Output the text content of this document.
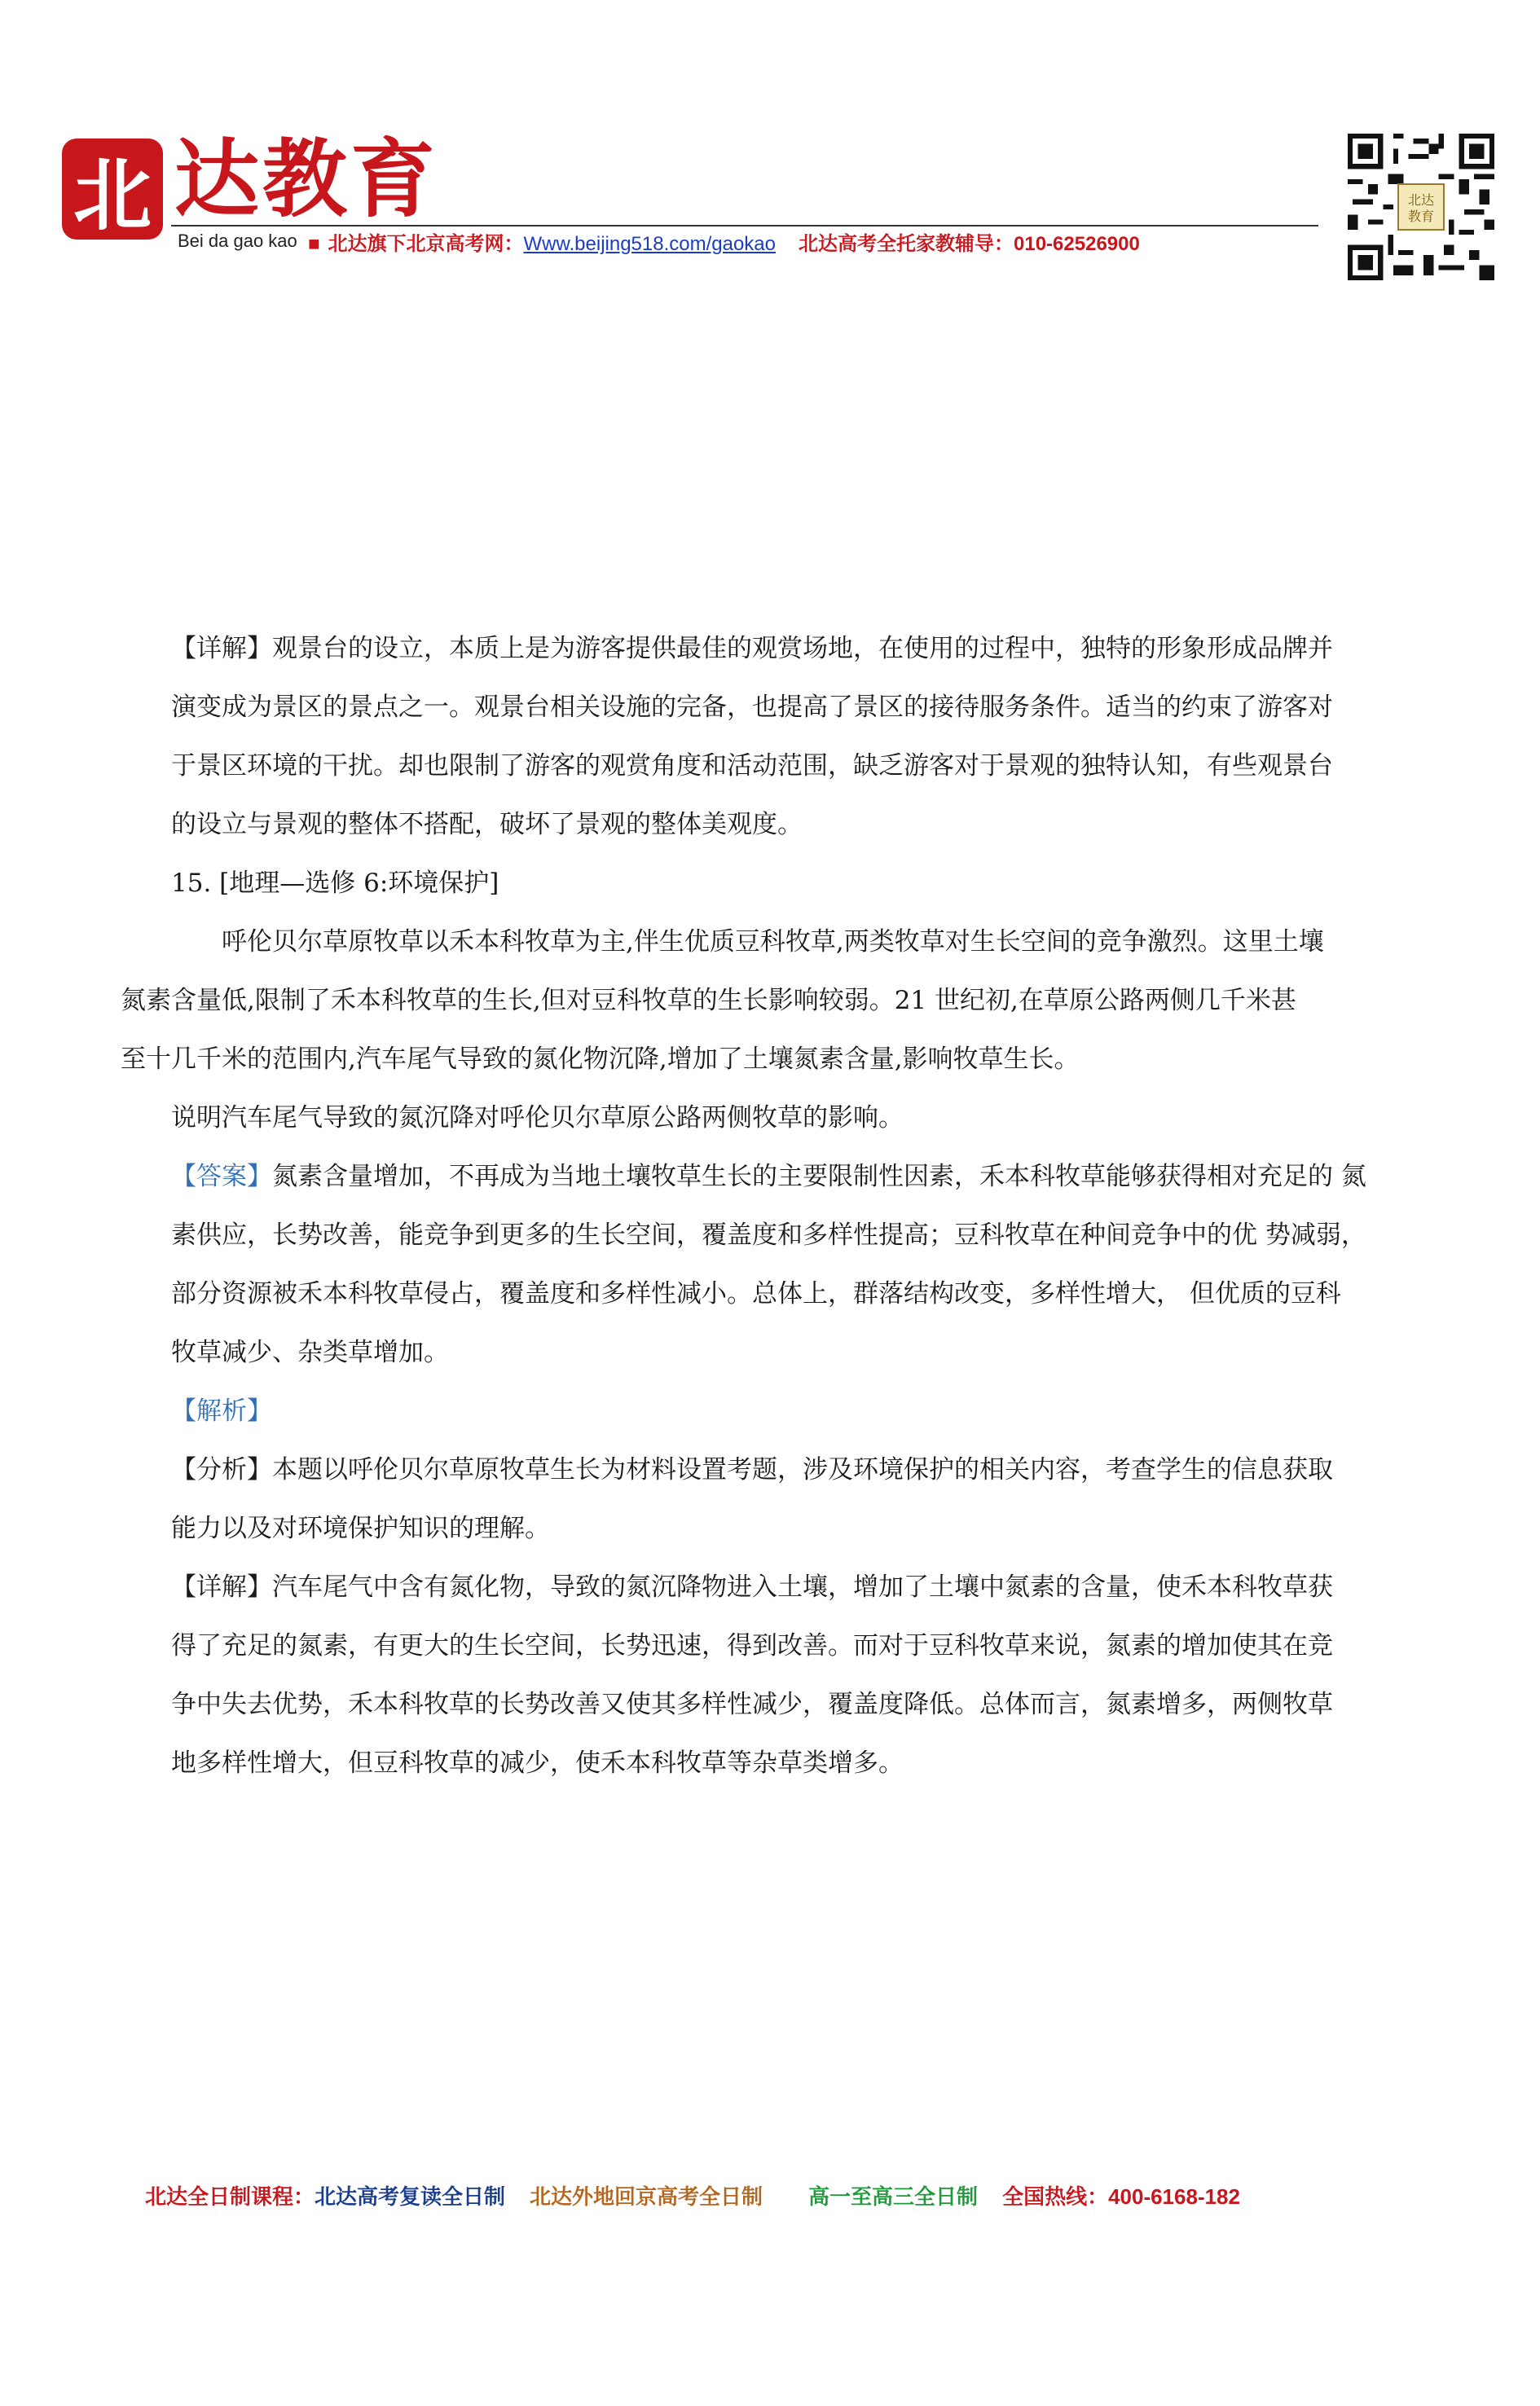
北 达教育
Bei da gao kao ■ 北达旗下北京高考网：Www.beijing518.com/gaokao 北达高考全托家教辅导：010-62526900
北达
教育

【详解】观景台的设立，本质上是为游客提供最佳的观赏场地，在使用的过程中，独特的形象形成品牌并
演变成为景区的景点之一。观景台相关设施的完备，也提高了景区的接待服务条件。适当的约束了游客对
于景区环境的干扰。却也限制了游客的观赏角度和活动范围，缺乏游客对于景观的独特认知，有些观景台
的设立与景观的整体不搭配，破坏了景观的整体美观度。

15. [地理—选修 6:环境保护]

呼伦贝尔草原牧草以禾本科牧草为主,伴生优质豆科牧草,两类牧草对生长空间的竞争激烈。这里土壤
氮素含量低,限制了禾本科牧草的生长,但对豆科牧草的生长影响较弱。21 世纪初,在草原公路两侧几千米甚
至十几千米的范围内,汽车尾气导致的氮化物沉降,增加了土壤氮素含量,影响牧草生长。

说明汽车尾气导致的氮沉降对呼伦贝尔草原公路两侧牧草的影响。

【答案】氮素含量增加，不再成为当地土壤牧草生长的主要限制性因素，禾本科牧草能够获得相对充足的 氮
素供应，长势改善，能竞争到更多的生长空间，覆盖度和多样性提高；豆科牧草在种间竞争中的优 势减弱，
部分资源被禾本科牧草侵占，覆盖度和多样性减小。总体上，群落结构改变，多样性增大， 但优质的豆科
牧草减少、杂类草增加。

【解析】

【分析】本题以呼伦贝尔草原牧草生长为材料设置考题，涉及环境保护的相关内容，考查学生的信息获取
能力以及对环境保护知识的理解。

【详解】汽车尾气中含有氮化物，导致的氮沉降物进入土壤，增加了土壤中氮素的含量，使禾本科牧草获
得了充足的氮素，有更大的生长空间，长势迅速，得到改善。而对于豆科牧草来说，氮素的增加使其在竞
争中失去优势，禾本科牧草的长势改善又使其多样性减少，覆盖度降低。总体而言，氮素增多，两侧牧草
地多样性增大，但豆科牧草的减少，使禾本科牧草等杂草类增多。

北达全日制课程：北达高考复读全日制 北达外地回京高考全日制 高一至高三全日制 全国热线：400-6168-182
